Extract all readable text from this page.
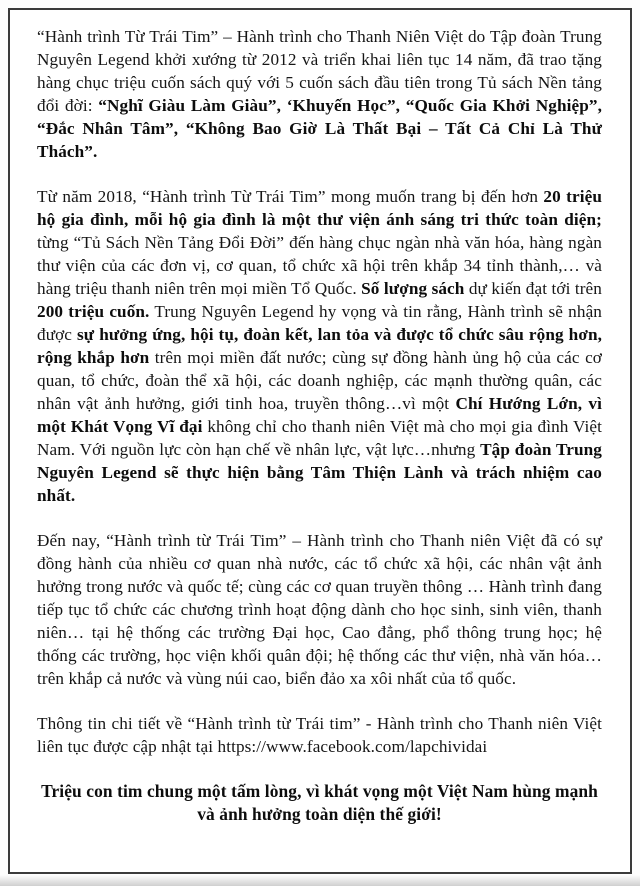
“Hành trình Từ Trái Tim” – Hành trình cho Thanh Niên Việt do Tập đoàn Trung Nguyên Legend khởi xướng từ 2012 và triển khai liên tục 14 năm, đã trao tặng hàng chục triệu cuốn sách quý với 5 cuốn sách đầu tiên trong Tủ sách Nền tảng đổi đời: “Nghĩ Giàu Làm Giàu”, ‘Khuyến Học”, “Quốc Gia Khởi Nghiệp”, “Đắc Nhân Tâm”, “Không Bao Giờ Là Thất Bại – Tất Cả Chỉ Là Thử Thách”.

Từ năm 2018, “Hành trình Từ Trái Tim” mong muốn trang bị đến hơn 20 triệu hộ gia đình, mỗi hộ gia đình là một thư viện ánh sáng tri thức toàn diện; từng “Tủ Sách Nền Tảng Đổi Đời” đến hàng chục ngàn nhà văn hóa, hàng ngàn thư viện của các đơn vị, cơ quan, tổ chức xã hội trên khắp 34 tỉnh thành,… và hàng triệu thanh niên trên mọi miền Tổ Quốc. Số lượng sách dự kiến đạt tới trên 200 triệu cuốn. Trung Nguyên Legend hy vọng và tin rằng, Hành trình sẽ nhận được sự hưởng ứng, hội tụ, đoàn kết, lan tỏa và được tổ chức sâu rộng hơn, rộng khắp hơn trên mọi miền đất nước; cùng sự đồng hành ủng hộ của các cơ quan, tổ chức, đoàn thể xã hội, các doanh nghiệp, các mạnh thường quân, các nhân vật ảnh hưởng, giới tinh hoa, truyền thông…vì một Chí Hướng Lớn, vì một Khát Vọng Vĩ đại không chỉ cho thanh niên Việt mà cho mọi gia đình Việt Nam. Với nguồn lực còn hạn chế về nhân lực, vật lực…nhưng Tập đoàn Trung Nguyên Legend sẽ thực hiện bằng Tâm Thiện Lành và trách nhiệm cao nhất.

Đến nay, “Hành trình từ Trái Tim” – Hành trình cho Thanh niên Việt đã có sự đồng hành của nhiều cơ quan nhà nước, các tổ chức xã hội, các nhân vật ảnh hưởng trong nước và quốc tế; cùng các cơ quan truyền thông … Hành trình đang tiếp tục tổ chức các chương trình hoạt động dành cho học sinh, sinh viên, thanh niên… tại hệ thống các trường Đại học, Cao đẳng, phổ thông trung học; hệ thống các trường, học viện khối quân đội; hệ thống các thư viện, nhà văn hóa… trên khắp cả nước và vùng núi cao, biển đảo xa xôi nhất của tổ quốc.

Thông tin chi tiết về “Hành trình từ Trái tim” - Hành trình cho Thanh niên Việt liên tục được cập nhật tại https://www.facebook.com/lapchividai

Triệu con tim chung một tấm lòng, vì khát vọng một Việt Nam hùng mạnh
và ảnh hưởng toàn diện thế giới!
